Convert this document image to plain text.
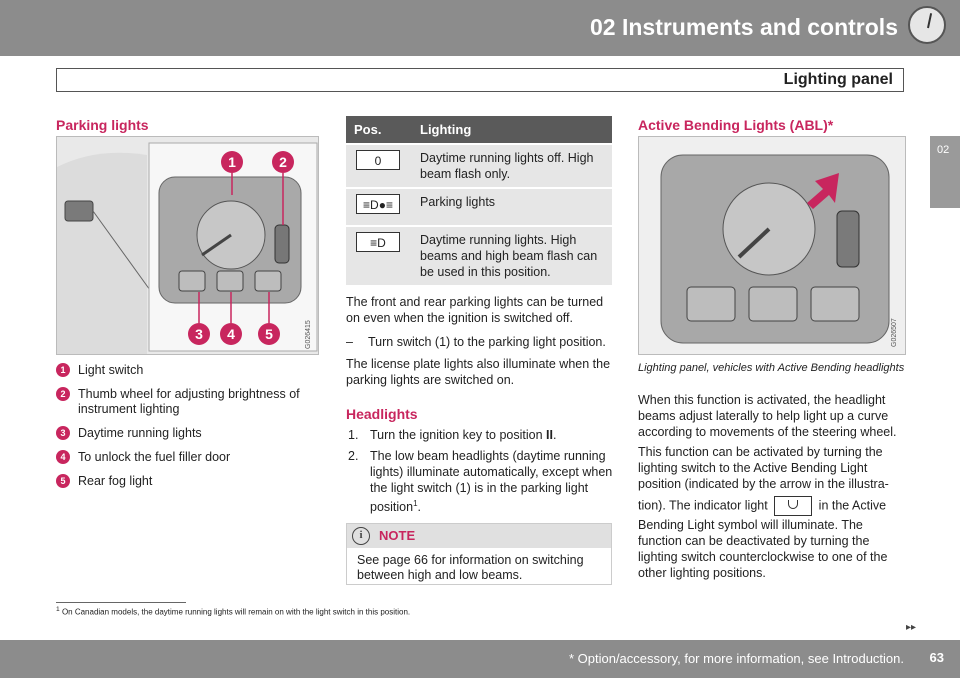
02 Instruments and controls
Lighting panel
02
Parking lights
1	2
3	4	5	G026415
1	Light switch
2	Thumb wheel for adjusting brightness of instrument lighting
3	Daytime running lights
4	To unlock the fuel filler door
5	Rear fog light
Pos.	Lighting

0	Daytime running lights off. High beam flash only.

≡D●≡	Parking lights

≡D	Daytime running lights. High beams and high beam flash can be used in this position.

The front and rear parking lights can be turned on even when the ignition is switched off.

– Turn switch (1) to the parking light position.

The license plate lights also illuminate when the parking lights are switched on.

Headlights
1. Turn the ignition key to position II.

2. The low beam headlights (daytime running lights) illuminate automatically, except when the light switch (1) is in the parking light position$^1$.

i	NOTE
See page 66 for information on switching between high and low beams.
Active Bending Lights (ABL)*
G026507
Lighting panel, vehicles with Active Bending headlights

When this function is activated, the headlight beams adjust laterally to help light up a curve according to movements of the steering wheel.

This function can be activated by turning the lighting switch to the Active Bending Light position (indicated by the arrow in the illustra-

tion). The indicator light	in the Active

Bending Light symbol will illuminate. The function can be deactivated by turning the lighting switch counterclockwise to one of the other lighting positions.

$^1$ On Canadian models, the daytime running lights will remain on with the light switch in this position.
▸▸
* Option/accessory, for more information, see Introduction. 63
